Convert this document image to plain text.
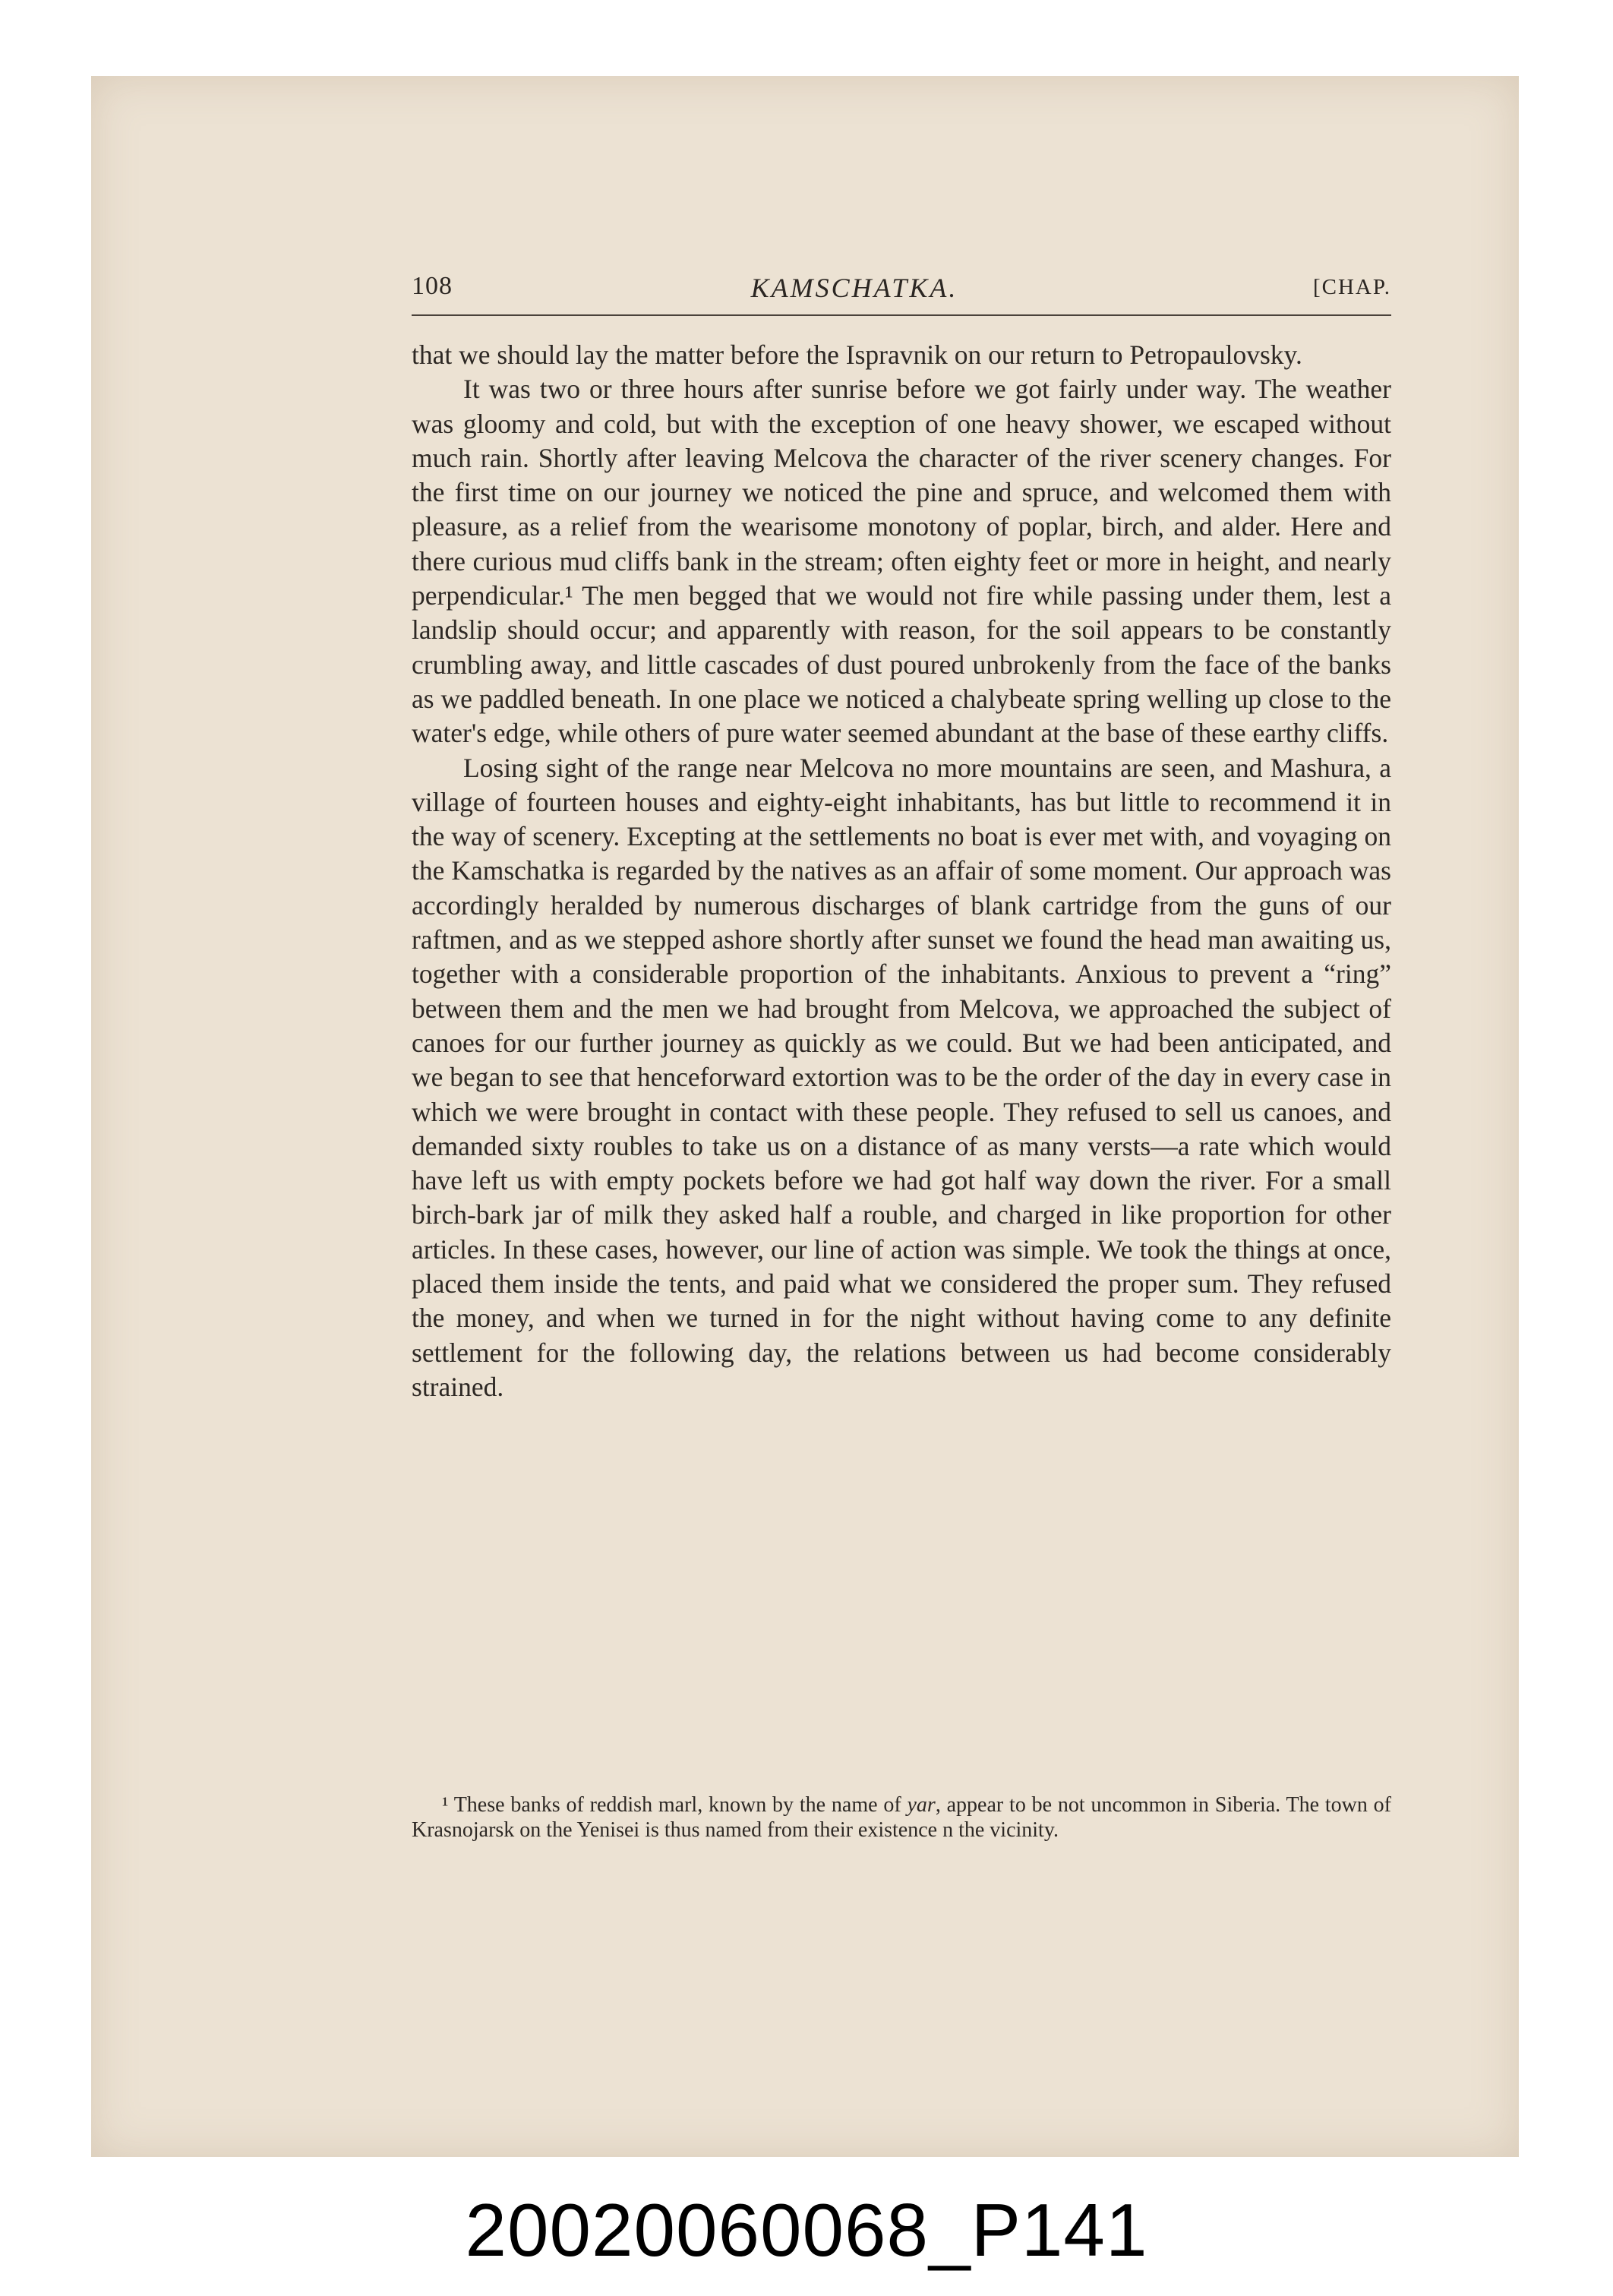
108	KAMSCHATKA.	[CHAP.

that we should lay the matter before the Ispravnik on our return to Petropaulovsky.

It was two or three hours after sunrise before we got fairly under way. The weather was gloomy and cold, but with the exception of one heavy shower, we escaped without much rain. Shortly after leaving Melcova the character of the river scenery changes. For the first time on our journey we noticed the pine and spruce, and welcomed them with pleasure, as a relief from the wearisome monotony of poplar, birch, and alder. Here and there curious mud cliffs bank in the stream; often eighty feet or more in height, and nearly perpendicular.¹ The men begged that we would not fire while passing under them, lest a landslip should occur; and apparently with reason, for the soil appears to be constantly crumbling away, and little cascades of dust poured unbrokenly from the face of the banks as we paddled beneath. In one place we noticed a chalybeate spring welling up close to the water's edge, while others of pure water seemed abundant at the base of these earthy cliffs.

Losing sight of the range near Melcova no more mountains are seen, and Mashura, a village of fourteen houses and eighty-eight inhabitants, has but little to recommend it in the way of scenery. Excepting at the settlements no boat is ever met with, and voyaging on the Kamschatka is regarded by the natives as an affair of some moment. Our approach was accordingly heralded by numerous discharges of blank cartridge from the guns of our raftmen, and as we stepped ashore shortly after sunset we found the head man awaiting us, together with a considerable proportion of the inhabitants. Anxious to prevent a “ring” between them and the men we had brought from Melcova, we approached the subject of canoes for our further journey as quickly as we could. But we had been anticipated, and we began to see that henceforward extortion was to be the order of the day in every case in which we were brought in contact with these people. They refused to sell us canoes, and demanded sixty roubles to take us on a distance of as many versts—a rate which would have left us with empty pockets before we had got half way down the river. For a small birch-bark jar of milk they asked half a rouble, and charged in like proportion for other articles. In these cases, however, our line of action was simple. We took the things at once, placed them inside the tents, and paid what we considered the proper sum. They refused the money, and when we turned in for the night without having come to any definite settlement for the following day, the relations between us had become considerably strained.

¹ These banks of reddish marl, known by the name of yar, appear to be not uncommon in Siberia. The town of Krasnojarsk on the Yenisei is thus named from their existence n the vicinity.
20020060068_P141
